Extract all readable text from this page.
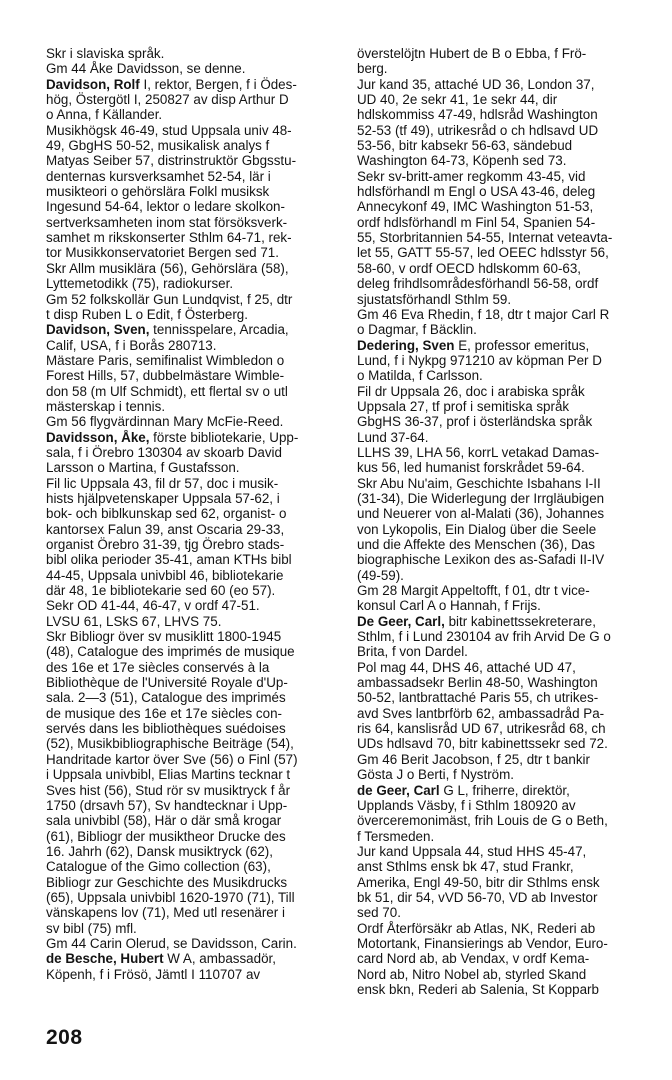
Skr i slaviska språk.
Gm 44 Åke Davidsson, se denne.
Davidson, Rolf I, rektor, Bergen, f i Ödes-
hög, Östergötl I, 250827 av disp Arthur D
o Anna, f Källander.
Musikhögsk 46-49, stud Uppsala univ 48-
49, GbgHS 50-52, musikalisk analys f
Matyas Seiber 57, distrinstruktör Gbgsstu-
denternas kursverksamhet 52-54, lär i
musikteori o gehörslära Folkl musiksk
Ingesund 54-64, lektor o ledare skolkon-
sertverksamheten inom stat försöksverk-
samhet m rikskonserter Sthlm 64-71, rek-
tor Musikkonservatoriet Bergen sed 71.
Skr Allm musiklära (56), Gehörslära (58),
Lyttemetodikk (75), radiokurser.
Gm 52 folkskollär Gun Lundqvist, f 25, dtr
t disp Ruben L o Edit, f Österberg.
Davidson, Sven, tennisspelare, Arcadia,
Calif, USA, f i Borås 280713.
Mästare Paris, semifinalist Wimbledon o
Forest Hills, 57, dubbelmästare Wimble-
don 58 (m Ulf Schmidt), ett flertal sv o utl
mästerskap i tennis.
Gm 56 flygvärdinnan Mary McFie-Reed.
Davidsson, Åke, förste bibliotekarie, Upp-
sala, f i Örebro 130304 av skoarb David
Larsson o Martina, f Gustafsson.
Fil lic Uppsala 43, fil dr 57, doc i musik-
hists hjälpvetenskaper Uppsala 57-62, i
bok- och biblkunskap sed 62, organist- o
kantorsex Falun 39, anst Oscaria 29-33,
organist Örebro 31-39, tjg Örebro stads-
bibl olika perioder 35-41, aman KTHs bibl
44-45, Uppsala univbibl 46, bibliotekarie
där 48, 1e bibliotekarie sed 60 (eo 57).
Sekr OD 41-44, 46-47, v ordf 47-51.
LVSU 61, LSkS 67, LHVS 75.
Skr Bibliogr över sv musiklitt 1800-1945
(48), Catalogue des imprimés de musique
des 16e et 17e siècles conservés à la
Bibliothèque de l'Université Royale d'Up-
sala. 2—3 (51), Catalogue des imprimés
de musique des 16e et 17e siècles con-
servés dans les bibliothèques suédoises
(52), Musikbibliographische Beiträge (54),
Handritade kartor över Sve (56) o Finl (57)
i Uppsala univbibl, Elias Martins tecknar t
Sves hist (56), Stud rör sv musiktryck f år
1750 (drsavh 57), Sv handtecknar i Upp-
sala univbibl (58), Här o där små krogar
(61), Bibliogr der musiktheor Drucke des
16. Jahrh (62), Dansk musiktryck (62),
Catalogue of the Gimo collection (63),
Bibliogr zur Geschichte des Musikdrucks
(65), Uppsala univbibl 1620-1970 (71), Till
vänskapens lov (71), Med utl resenärer i
sv bibl (75) mfl.
Gm 44 Carin Olerud, se Davidsson, Carin.
de Besche, Hubert W A, ambassadör,
Köpenh, f i Frösö, Jämtl I 110707 av
överstelöjtn Hubert de B o Ebba, f Frö-
berg.
Jur kand 35, attaché UD 36, London 37,
UD 40, 2e sekr 41, 1e sekr 44, dir
hdlskommiss 47-49, hdlsråd Washington
52-53 (tf 49), utrikesråd o ch hdlsavd UD
53-56, bitr kabsekr 56-63, sändebud
Washington 64-73, Köpenh sed 73.
Sekr sv-britt-amer regkomm 43-45, vid
hdlsförhandl m Engl o USA 43-46, deleg
Annecykonf 49, IMC Washington 51-53,
ordf hdlsförhandl m Finl 54, Spanien 54-
55, Storbritannien 54-55, Internat veteavta-
let 55, GATT 55-57, led OEEC hdlsstyr 56,
58-60, v ordf OECD hdlskomm 60-63,
deleg frihdlsområdesförhandl 56-58, ordf
sjustatsförhandl Sthlm 59.
Gm 46 Eva Rhedin, f 18, dtr t major Carl R
o Dagmar, f Bäcklin.
Dedering, Sven E, professor emeritus,
Lund, f i Nykpg 971210 av köpman Per D
o Matilda, f Carlsson.
Fil dr Uppsala 26, doc i arabiska språk
Uppsala 27, tf prof i semitiska språk
GbgHS 36-37, prof i österländska språk
Lund 37-64.
LLHS 39, LHA 56, korrL vetakad Damas-
kus 56, led humanist forskrådet 59-64.
Skr Abu Nu'aim, Geschichte Isbahans I-II
(31-34), Die Widerlegung der Irrgläubigen
und Neuerer von al-Malati (36), Johannes
von Lykopolis, Ein Dialog über die Seele
und die Affekte des Menschen (36), Das
biographische Lexikon des as-Safadi II-IV
(49-59).
Gm 28 Margit Appeltofft, f 01, dtr t vice-
konsul Carl A o Hannah, f Frijs.
De Geer, Carl, bitr kabinettssekreterare,
Sthlm, f i Lund 230104 av frih Arvid De G o
Brita, f von Dardel.
Pol mag 44, DHS 46, attaché UD 47,
ambassadsekr Berlin 48-50, Washington
50-52, lantbrattaché Paris 55, ch utrikes-
avd Sves lantbrförb 62, ambassadråd Pa-
ris 64, kanslisråd UD 67, utrikesråd 68, ch
UDs hdlsavd 70, bitr kabinettssekr sed 72.
Gm 46 Berit Jacobson, f 25, dtr t bankir
Gösta J o Berti, f Nyström.
de Geer, Carl G L, friherre, direktör,
Upplands Väsby, f i Sthlm 180920 av
överceremonimäst, frih Louis de G o Beth,
f Tersmeden.
Jur kand Uppsala 44, stud HHS 45-47,
anst Sthlms ensk bk 47, stud Frankr,
Amerika, Engl 49-50, bitr dir Sthlms ensk
bk 51, dir 54, vVD 56-70, VD ab Investor
sed 70.
Ordf Återförsäkr ab Atlas, NK, Rederi ab
Motortank, Finansierings ab Vendor, Euro-
card Nord ab, ab Vendax, v ordf Kema-
Nord ab, Nitro Nobel ab, styrled Skand
ensk bkn, Rederi ab Salenia, St Kopparb
208
